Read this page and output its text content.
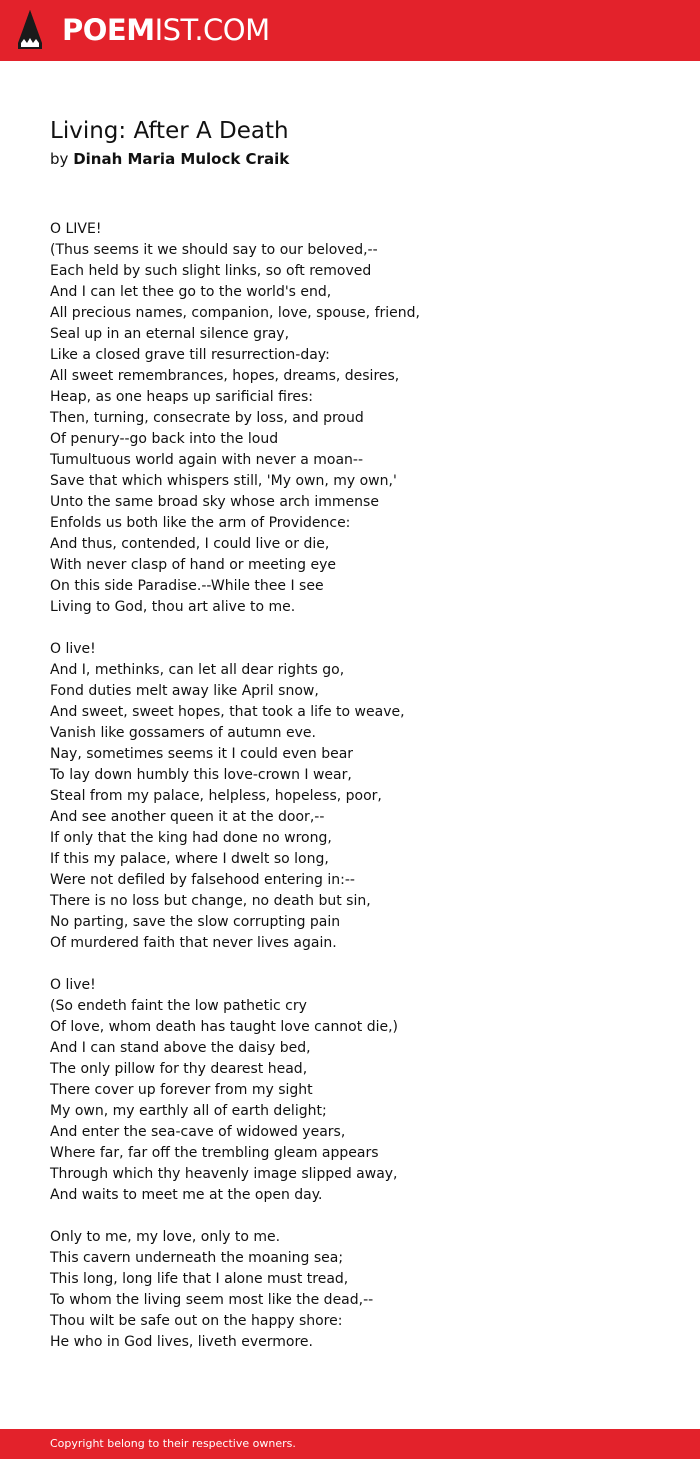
POEMIST.COM
Living: After A Death
by Dinah Maria Mulock Craik
O LIVE!
(Thus seems it we should say to our beloved,--
Each held by such slight links, so oft removed
And I can let thee go to the world's end,
All precious names, companion, love, spouse, friend,
Seal up in an eternal silence gray,
Like a closed grave till resurrection-day:
All sweet remembrances, hopes, dreams, desires,
Heap, as one heaps up sarificial fires:
Then, turning, consecrate by loss, and proud
Of penury--go back into the loud
Tumultuous world again with never a moan--
Save that which whispers still, 'My own, my own,'
Unto the same broad sky whose arch immense
Enfolds us both like the arm of Providence:
And thus, contended, I could live or die,
With never clasp of hand or meeting eye
On this side Paradise.--While thee I see
Living to God, thou art alive to me.
O live!
And I, methinks, can let all dear rights go,
Fond duties melt away like April snow,
And sweet, sweet hopes, that took a life to weave,
Vanish like gossamers of autumn eve.
Nay, sometimes seems it I could even bear
To lay down humbly this love-crown I wear,
Steal from my palace, helpless, hopeless, poor,
And see another queen it at the door,--
If only that the king had done no wrong,
If this my palace, where I dwelt so long,
Were not defiled by falsehood entering in:--
There is no loss but change, no death but sin,
No parting, save the slow corrupting pain
Of murdered faith that never lives again.
O live!
(So endeth faint the low pathetic cry
Of love, whom death has taught love cannot die,)
And I can stand above the daisy bed,
The only pillow for thy dearest head,
There cover up forever from my sight
My own, my earthly all of earth delight;
And enter the sea-cave of widowed years,
Where far, far off the trembling gleam appears
Through which thy heavenly image slipped away,
And waits to meet me at the open day.
Only to me, my love, only to me.
This cavern underneath the moaning sea;
This long, long life that I alone must tread,
To whom the living seem most like the dead,--
Thou wilt be safe out on the happy shore:
He who in God lives, liveth evermore.
Copyright belong to their respective owners.
